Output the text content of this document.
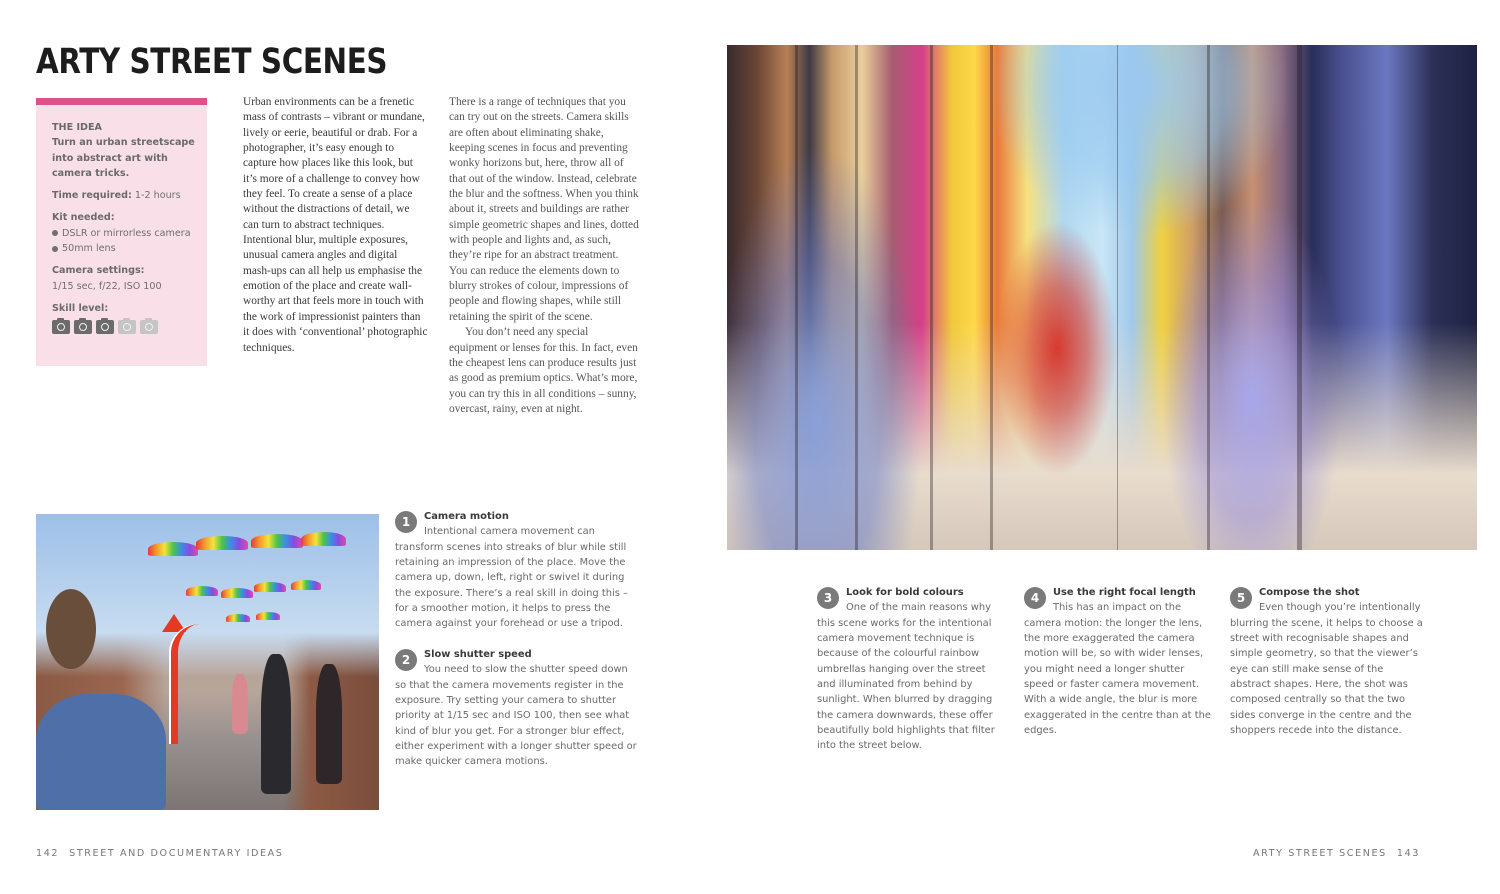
ARTY STREET SCENES
THE IDEA
Turn an urban streetscape into abstract art with camera tricks.
Time required: 1-2 hours
Kit needed:
DSLR or mirrorless camera
50mm lens
Camera settings:
1/15 sec, f/22, ISO 100
Skill level:
Urban environments can be a frenetic mass of contrasts – vibrant or mundane, lively or eerie, beautiful or drab. For a photographer, it’s easy enough to capture how places like this look, but it’s more of a challenge to convey how they feel. To create a sense of a place without the distractions of detail, we can turn to abstract techniques. Intentional blur, multiple exposures, unusual camera angles and digital mash-ups can all help us emphasise the emotion of the place and create wall-worthy art that feels more in touch with the work of impressionist painters than it does with ‘conventional’ photographic techniques.
There is a range of techniques that you can try out on the streets. Camera skills are often about eliminating shake, keeping scenes in focus and preventing wonky horizons but, here, throw all of that out of the window. Instead, celebrate the blur and the softness. When you think about it, streets and buildings are rather simple geometric shapes and lines, dotted with people and lights and, as such, they’re ripe for an abstract treatment. You can reduce the elements down to blurry strokes of colour, impressions of people and flowing shapes, while still retaining the spirit of the scene.
You don’t need any special equipment or lenses for this. In fact, even the cheapest lens can produce results just as good as premium optics. What’s more, you can try this in all conditions – sunny, overcast, rainy, even at night.
1	Camera motion
Intentional camera movement can transform scenes into streaks of blur while still retaining an impression of the place. Move the camera up, down, left, right or swivel it during the exposure. There’s a real skill in doing this – for a smoother motion, it helps to press the camera against your forehead or use a tripod.
2	Slow shutter speed
You need to slow the shutter speed down so that the camera movements register in the exposure. Try setting your camera to shutter priority at 1/15 sec and ISO 100, then see what kind of blur you get. For a stronger blur effect, either experiment with a longer shutter speed or make quicker camera motions.
3	Look for bold colours
One of the main reasons why this scene works for the intentional camera movement technique is because of the colourful rainbow umbrellas hanging over the street and illuminated from behind by sunlight. When blurred by dragging the camera downwards, these offer beautifully bold highlights that filter into the street below.
4	Use the right focal length
This has an impact on the camera motion: the longer the lens, the more exaggerated the camera motion will be, so with wider lenses, you might need a longer shutter speed or faster camera movement. With a wide angle, the blur is more exaggerated in the centre than at the edges.
5	Compose the shot
Even though you’re intentionally blurring the scene, it helps to choose a street with recognisable shapes and simple geometry, so that the viewer’s eye can still make sense of the abstract shapes. Here, the shot was composed centrally so that the two sides converge in the centre and the shoppers recede into the distance.
142 STREET AND DOCUMENTARY IDEAS	ARTY STREET SCENES 143
